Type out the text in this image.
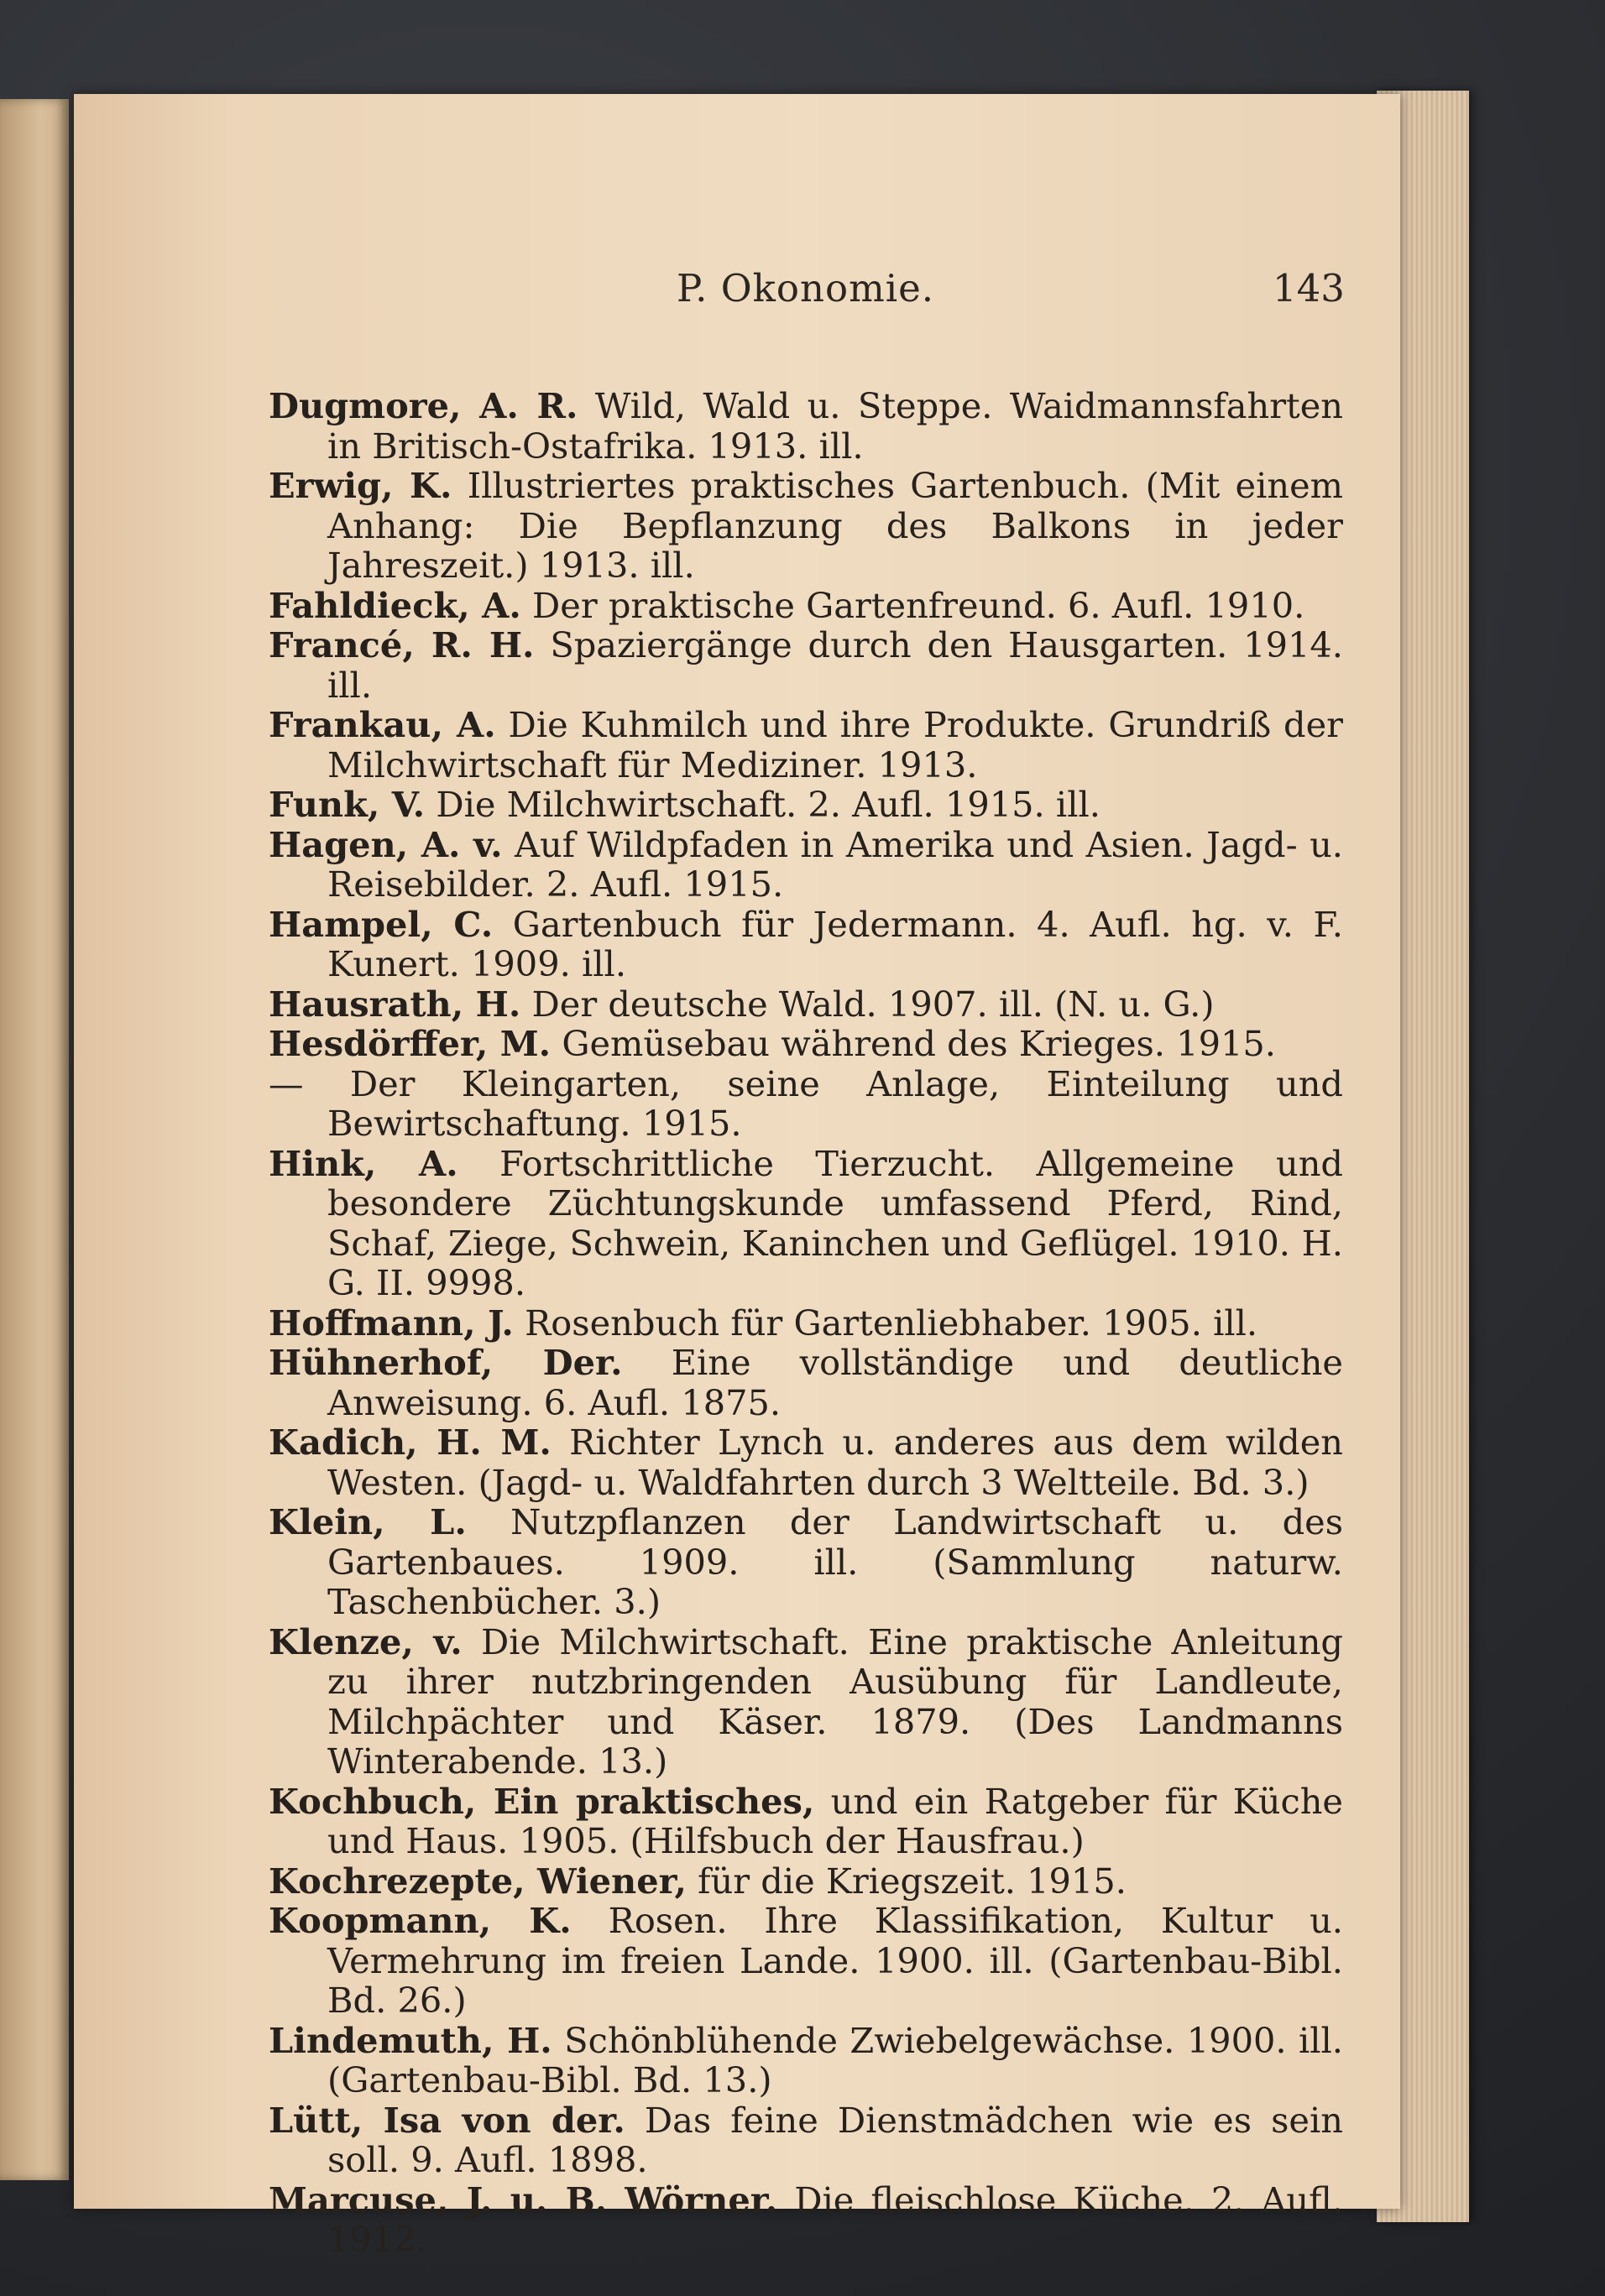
P. Okonomie.	143
Dugmore, A. R. Wild, Wald u. Steppe. Waidmannsfahrten in Britisch-Ostafrika. 1913. ill.
Erwig, K. Illustriertes praktisches Gartenbuch. (Mit einem Anhang: Die Bepflanzung des Balkons in jeder Jahreszeit.) 1913. ill.
Fahldieck, A. Der praktische Gartenfreund. 6. Aufl. 1910.
Francé, R. H. Spaziergänge durch den Hausgarten. 1914. ill.
Frankau, A. Die Kuhmilch und ihre Produkte. Grundriß der Milchwirtschaft für Mediziner. 1913.
Funk, V. Die Milchwirtschaft. 2. Aufl. 1915. ill.
Hagen, A. v. Auf Wildpfaden in Amerika und Asien. Jagd- u. Reisebilder. 2. Aufl. 1915.
Hampel, C. Gartenbuch für Jedermann. 4. Aufl. hg. v. F. Kunert. 1909. ill.
Hausrath, H. Der deutsche Wald. 1907. ill. (N. u. G.)
Hesdörffer, M. Gemüsebau während des Krieges. 1915.
— Der Kleingarten, seine Anlage, Einteilung und Bewirtschaftung. 1915.
Hink, A. Fortschrittliche Tierzucht. Allgemeine und besondere Züchtungskunde umfassend Pferd, Rind, Schaf, Ziege, Schwein, Kaninchen und Geflügel. 1910. H. G. II. 9998.
Hoffmann, J. Rosenbuch für Gartenliebhaber. 1905. ill.
Hühnerhof, Der. Eine vollständige und deutliche Anweisung. 6. Aufl. 1875.
Kadich, H. M. Richter Lynch u. anderes aus dem wilden Westen. (Jagd- u. Waldfahrten durch 3 Weltteile. Bd. 3.)
Klein, L. Nutzpflanzen der Landwirtschaft u. des Gartenbaues. 1909. ill. (Sammlung naturw. Taschenbücher. 3.)
Klenze, v. Die Milchwirtschaft. Eine praktische Anleitung zu ihrer nutzbringenden Ausübung für Landleute, Milchpächter und Käser. 1879. (Des Landmanns Winterabende. 13.)
Kochbuch, Ein praktisches, und ein Ratgeber für Küche und Haus. 1905. (Hilfsbuch der Hausfrau.)
Kochrezepte, Wiener, für die Kriegszeit. 1915.
Koopmann, K. Rosen. Ihre Klassifikation, Kultur u. Vermehrung im freien Lande. 1900. ill. (Gartenbau-Bibl. Bd. 26.)
Lindemuth, H. Schönblühende Zwiebelgewächse. 1900. ill. (Gartenbau-Bibl. Bd. 13.)
Lütt, Isa von der. Das feine Dienstmädchen wie es sein soll. 9. Aufl. 1898.
Marcuse, J. u. B. Wörner. Die fleischlose Küche. 2. Aufl. 1912.
